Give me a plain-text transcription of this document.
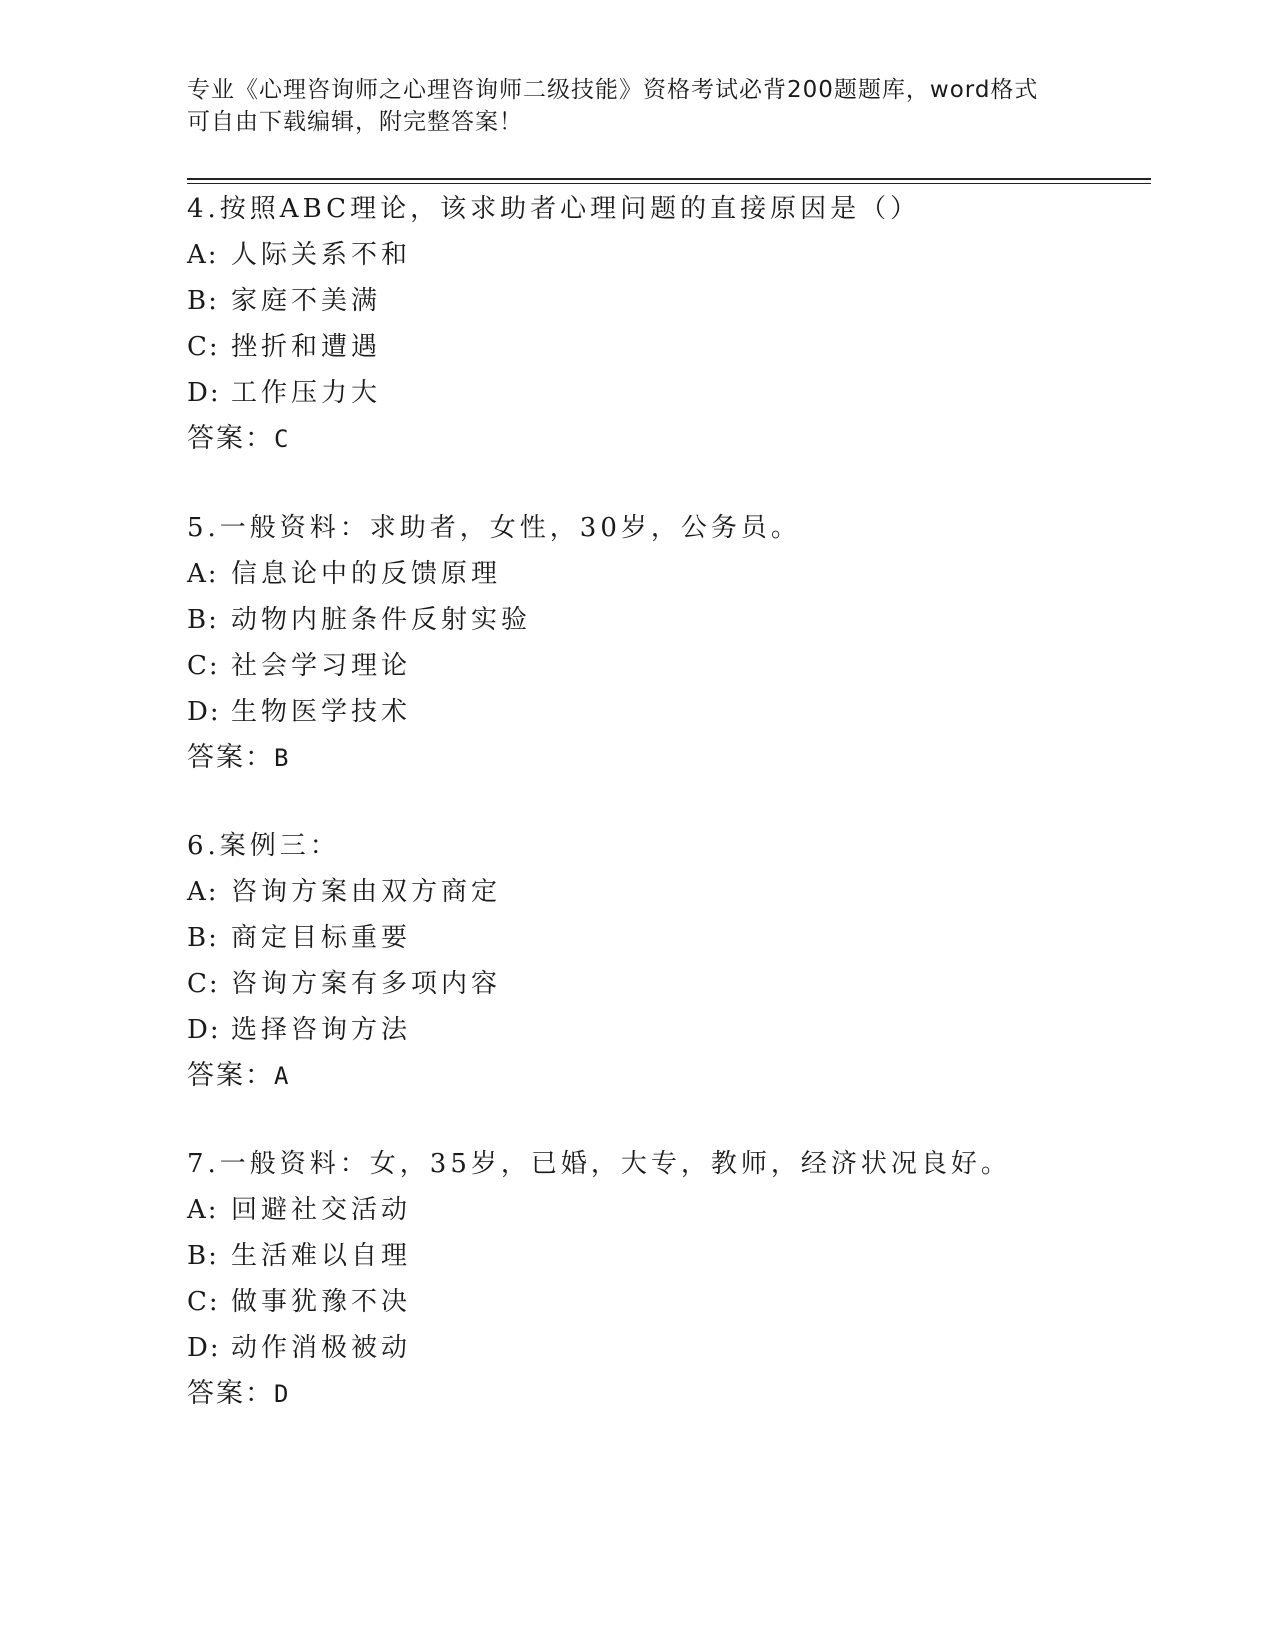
专业《心理咨询师之心理咨询师二级技能》资格考试必背200题题库，word格式
可自由下载编辑，附完整答案！
4.按照ABC理论，该求助者心理问题的直接原因是（）
A: 人际关系不和
B: 家庭不美满
C: 挫折和遭遇
D: 工作压力大
答案：C
5.一般资料：求助者，女性，30岁，公务员。
A: 信息论中的反馈原理
B: 动物内脏条件反射实验
C: 社会学习理论
D: 生物医学技术
答案：B
6.案例三：
A: 咨询方案由双方商定
B: 商定目标重要
C: 咨询方案有多项内容
D: 选择咨询方法
答案：A
7.一般资料：女，35岁，已婚，大专，教师，经济状况良好。
A: 回避社交活动
B: 生活难以自理
C: 做事犹豫不决
D: 动作消极被动
答案：D
